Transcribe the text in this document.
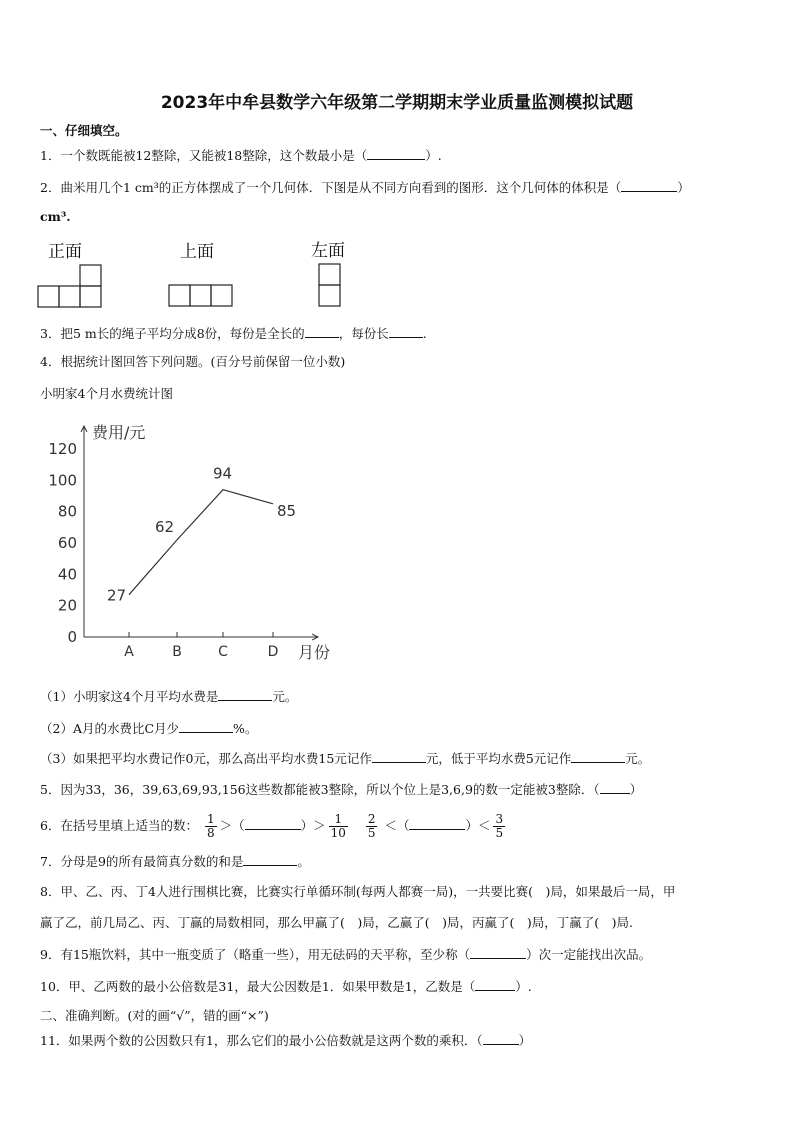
2023年中牟县数学六年级第二学期期末学业质量监测模拟试题
一、仔细填空。
1．一个数既能被12整除，又能被18整除，这个数最小是（	）.
2．曲米用几个1 cm³的正方体摆成了一个几何体．下图是从不同方向看到的图形．这个几何体的体积是（	）
cm³.
正面	上面	左面
3．把5 m长的绳子平均分成8份，每份是全长的	，每份长	.
4．根据统计图回答下列问题。(百分号前保留一位小数)
小明家4个月水费统计图
费用/元
月份
0
20
40
60
80
100
120
A	B	C	D
27
62
94
85
（1）小明家这4个月平均水费是	元。
（2）A月的水费比C月少	%。
（3）如果把平均水费记作0元，那么高出平均水费15元记作	元，低于平均水费5元记作	元。
5．因为33，36，39,63,69,93,156这些数都能被3整除，所以个位上是3,6,9的数一定能被3整除．（ ）
6．在括号里填上适当的数： $\frac{1}{8}$ ＞（	）＞ $\frac{1}{10}$
$\frac{2}{5}$ ＜（	）＜ $\frac{3}{5}$
7．分母是9的所有最简真分数的和是	。
8．甲、乙、丙、丁4人进行围棋比赛，比赛实行单循环制(每两人都赛一局)，一共要比赛(　)局，如果最后一局，甲
赢了乙，前几局乙、丙、丁赢的局数相同，那么甲赢了(　)局，乙赢了(　)局，丙赢了(　)局，丁赢了(　)局.
9．有15瓶饮料，其中一瓶变质了（略重一些），用无砝码的天平称，至少称（	）次一定能找出次品。
10．甲、乙两数的最小公倍数是31，最大公因数是1．如果甲数是1，乙数是（	）.
二、准确判断。(对的画“√”，错的画“×”)
11．如果两个数的公因数只有1，那么它们的最小公倍数就是这两个数的乘积．（	）
